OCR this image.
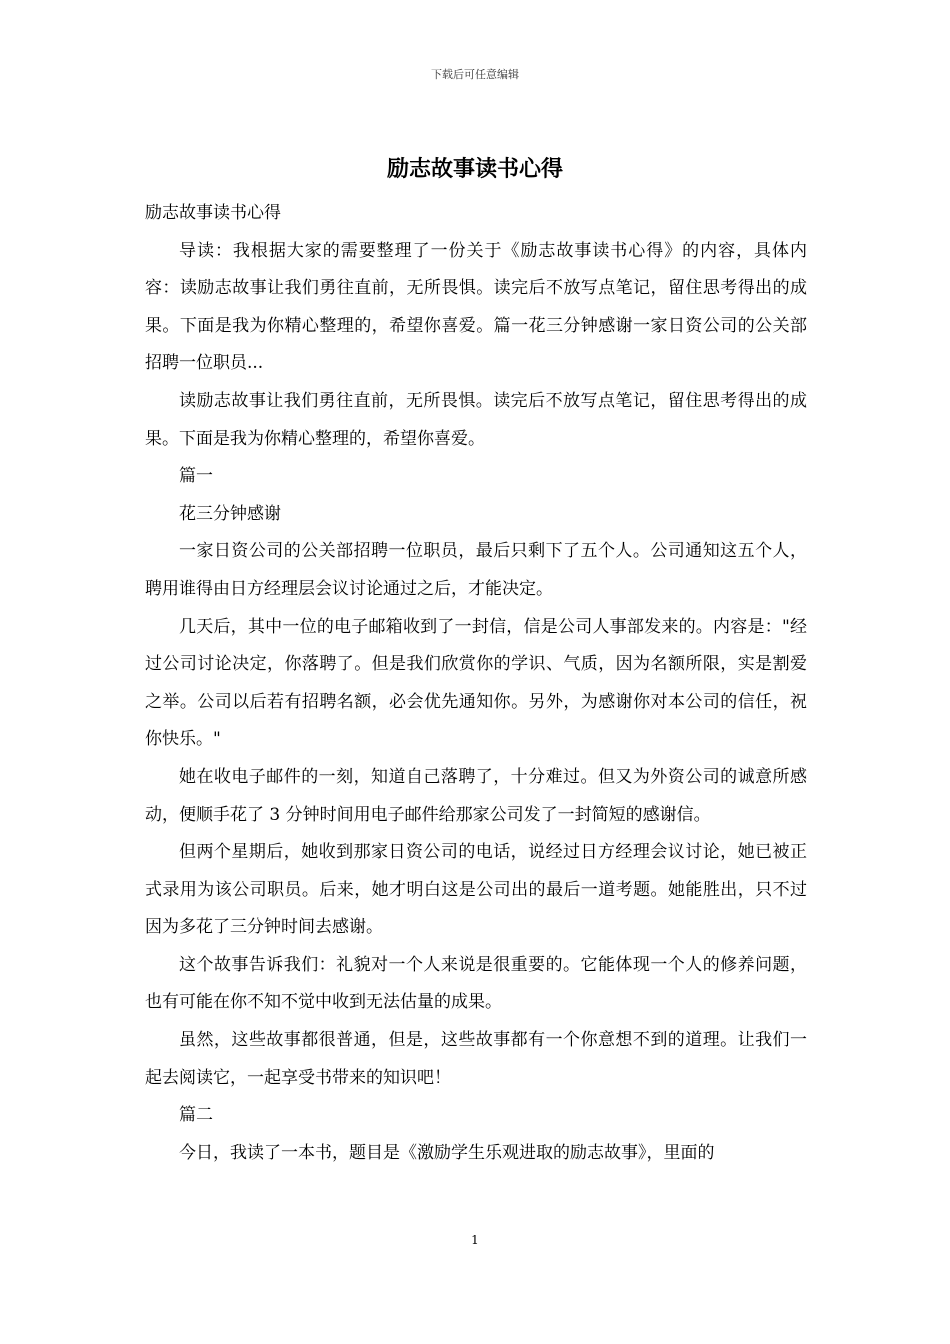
下载后可任意编辑
励志故事读书心得

励志故事读书心得

导读：我根据大家的需要整理了一份关于《励志故事读书心得》的内容，具体内容：读励志故事让我们勇往直前，无所畏惧。读完后不放写点笔记，留住思考得出的成果。下面是我为你精心整理的，希望你喜爱。篇一花三分钟感谢一家日资公司的公关部招聘一位职员...

读励志故事让我们勇往直前，无所畏惧。读完后不放写点笔记，留住思考得出的成果。下面是我为你精心整理的，希望你喜爱。

篇一

花三分钟感谢

一家日资公司的公关部招聘一位职员，最后只剩下了五个人。公司通知这五个人，聘用谁得由日方经理层会议讨论通过之后，才能决定。

几天后，其中一位的电子邮箱收到了一封信，信是公司人事部发来的。内容是："经过公司讨论决定，你落聘了。但是我们欣赏你的学识、气质，因为名额所限，实是割爱之举。公司以后若有招聘名额，必会优先通知你。另外，为感谢你对本公司的信任，祝你快乐。"

她在收电子邮件的一刻，知道自己落聘了，十分难过。但又为外资公司的诚意所感动，便顺手花了 3 分钟时间用电子邮件给那家公司发了一封简短的感谢信。

但两个星期后，她收到那家日资公司的电话，说经过日方经理会议讨论，她已被正式录用为该公司职员。后来，她才明白这是公司出的最后一道考题。她能胜出，只不过因为多花了三分钟时间去感谢。

这个故事告诉我们：礼貌对一个人来说是很重要的。它能体现一个人的修养问题，也有可能在你不知不觉中收到无法估量的成果。

虽然，这些故事都很普通，但是，这些故事都有一个你意想不到的道理。让我们一起去阅读它，一起享受书带来的知识吧！

篇二

今日，我读了一本书，题目是《激励学生乐观进取的励志故事》，里面的

1
